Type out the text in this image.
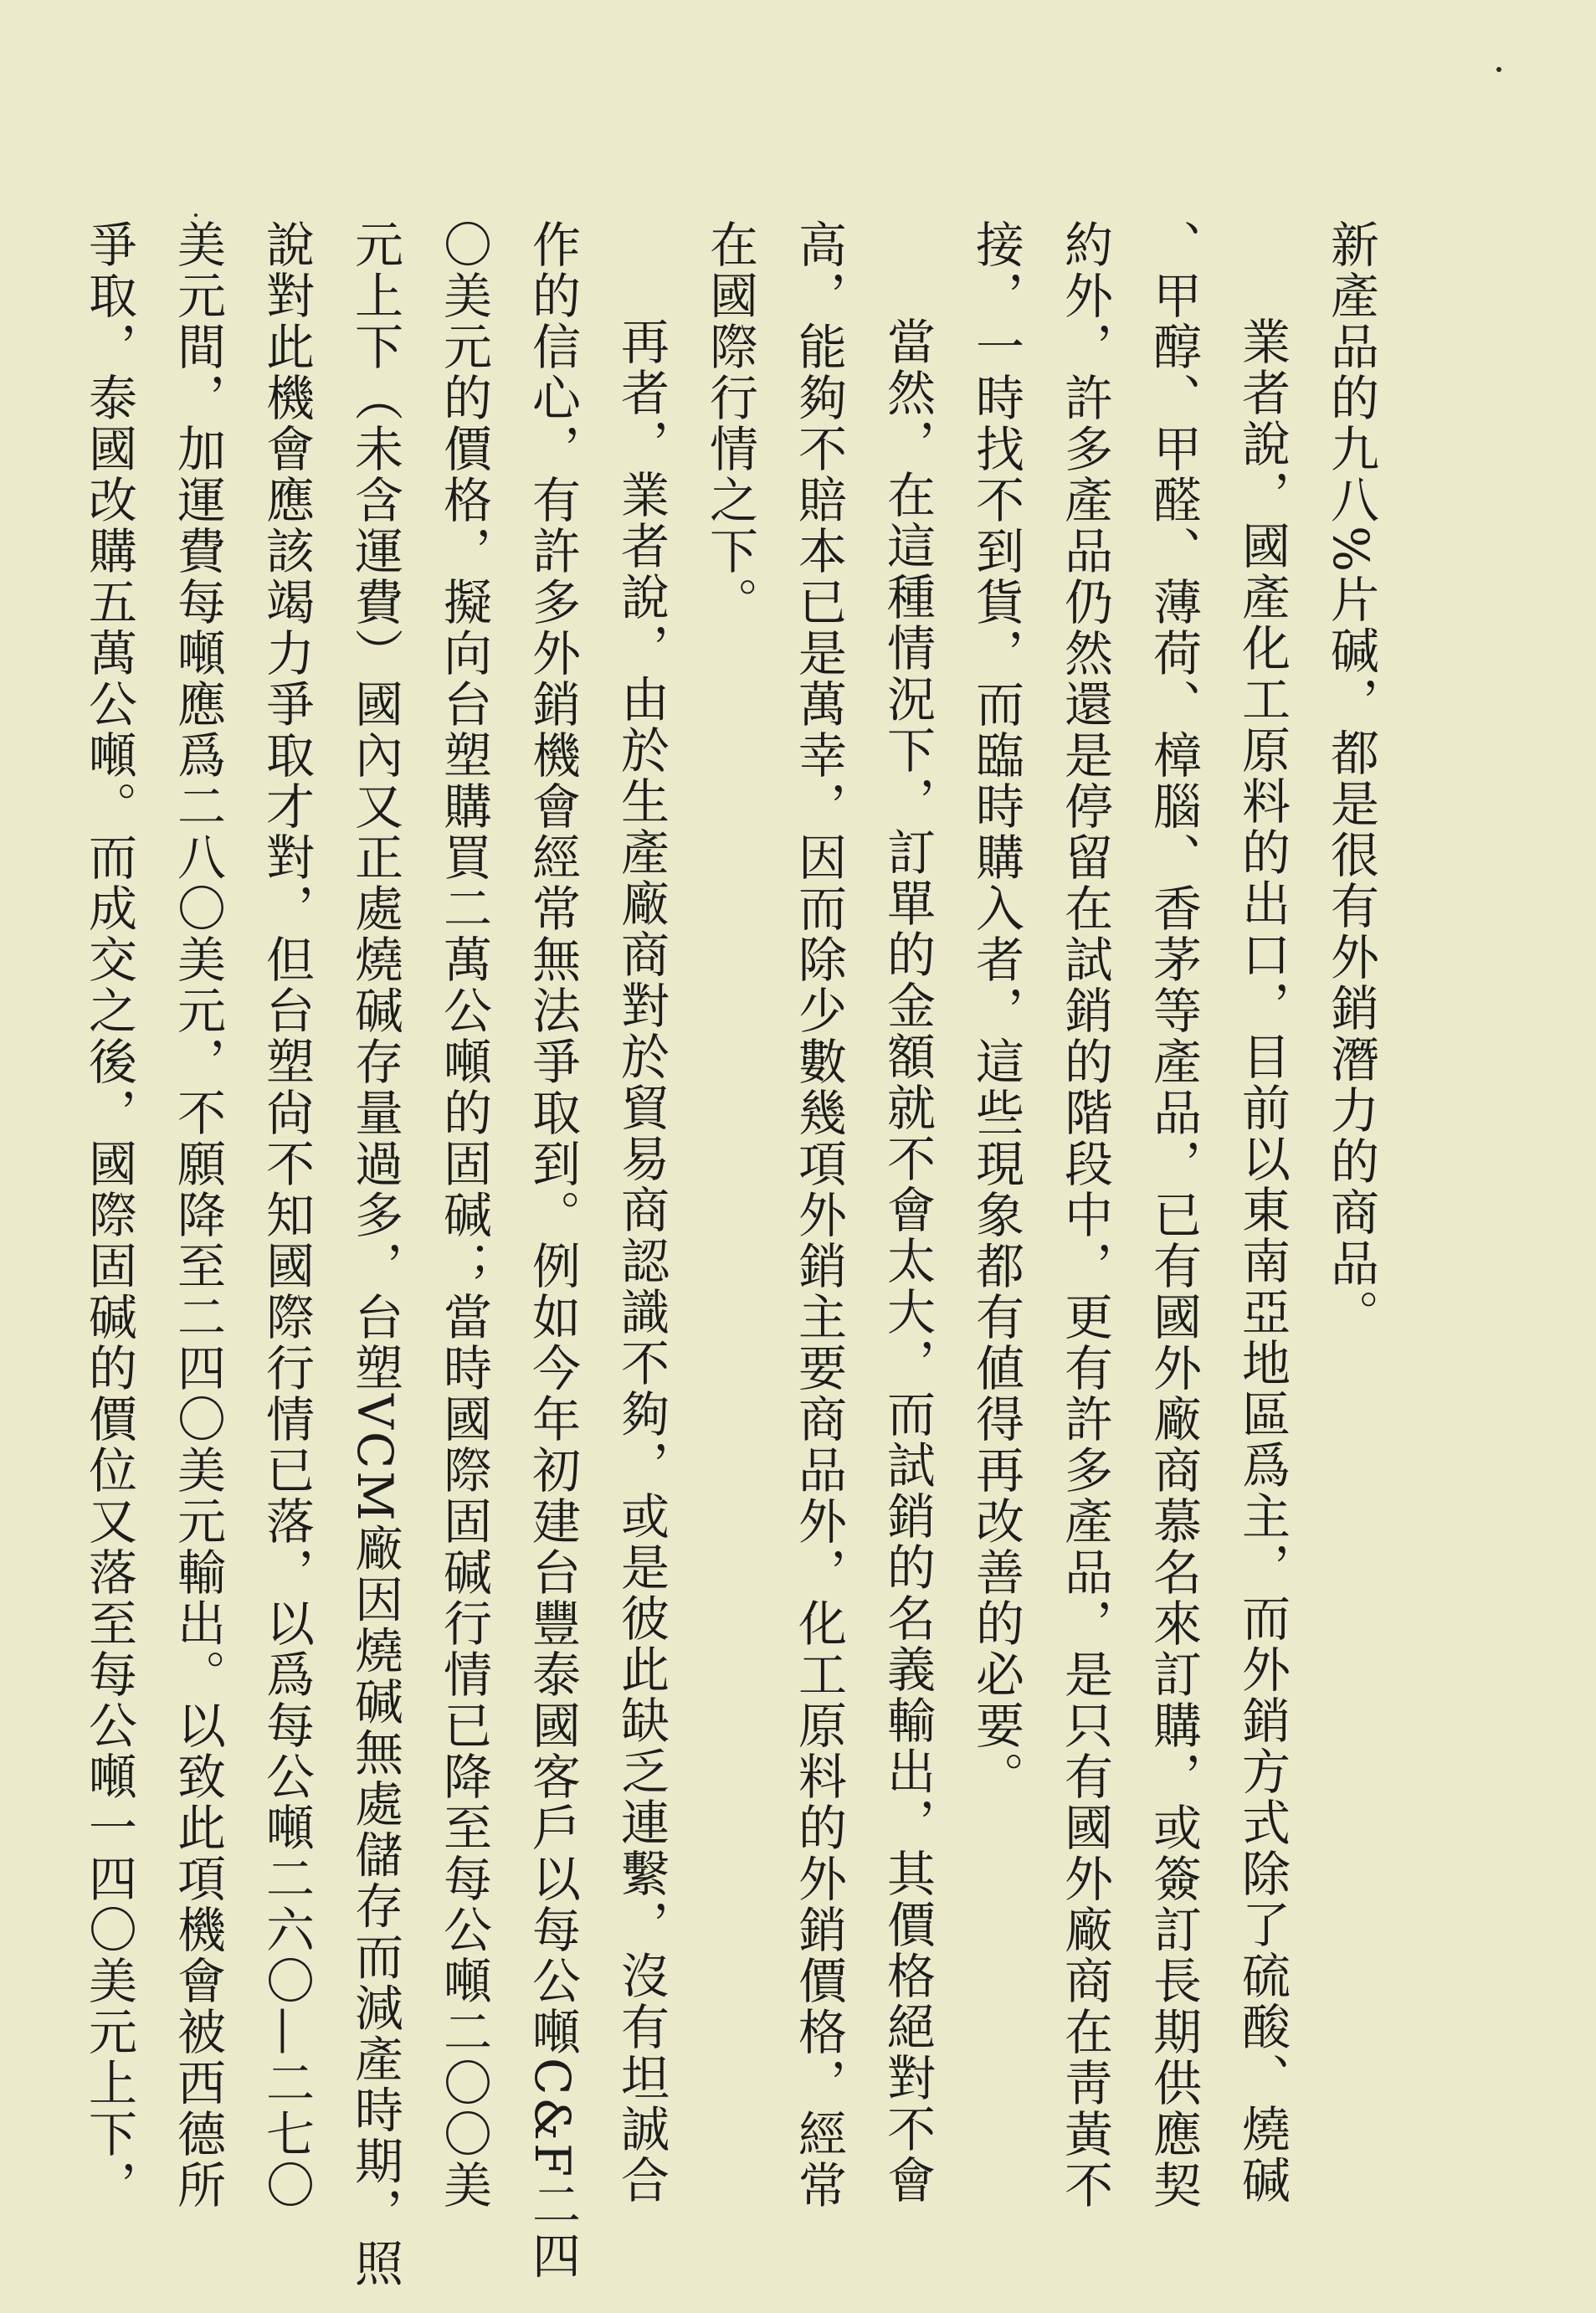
新產品的九八%片碱，都是很有外銷潛力的商品。
業者說，國產化工原料的出口，目前以東南亞地區爲主，而外銷方式除了硫酸、燒碱
、甲醇、甲醛、薄荷、樟腦、香茅等產品，已有國外廠商慕名來訂購，或簽訂長期供應契
約外，許多產品仍然還是停留在試銷的階段中，更有許多產品，是只有國外廠商在靑黃不
接，一時找不到貨，而臨時購入者，這些現象都有値得再改善的必要。
當然，在這種情況下，訂單的金額就不會太大，而試銷的名義輸出，其價格絕對不會
高，能夠不賠本已是萬幸，因而除少數幾項外銷主要商品外，化工原料的外銷價格，經常
在國際行情之下。
再者，業者說，由於生產廠商對於貿易商認識不夠，或是彼此缺乏連繫，沒有坦誠合
作的信心，有許多外銷機會經常無法爭取到。例如今年初建台豐泰國客戶以每公噸C&F二四
〇美元的價格，擬向台塑購買二萬公噸的固碱；當時國際固碱行情已降至每公噸二〇〇美
元上下（未含運費）國內又正處燒碱存量過多，台塑VCM廠因燒碱無處儲存而減產時期，照
說對此機會應該竭力爭取才對，但台塑尙不知國際行情已落，以爲每公噸二六〇—二七〇
美元間，加運費每噸應爲二八〇美元，不願降至二四〇美元輸出。以致此項機會被西德所
爭取，泰國改購五萬公噸。而成交之後，國際固碱的價位又落至每公噸一四〇美元上下，
